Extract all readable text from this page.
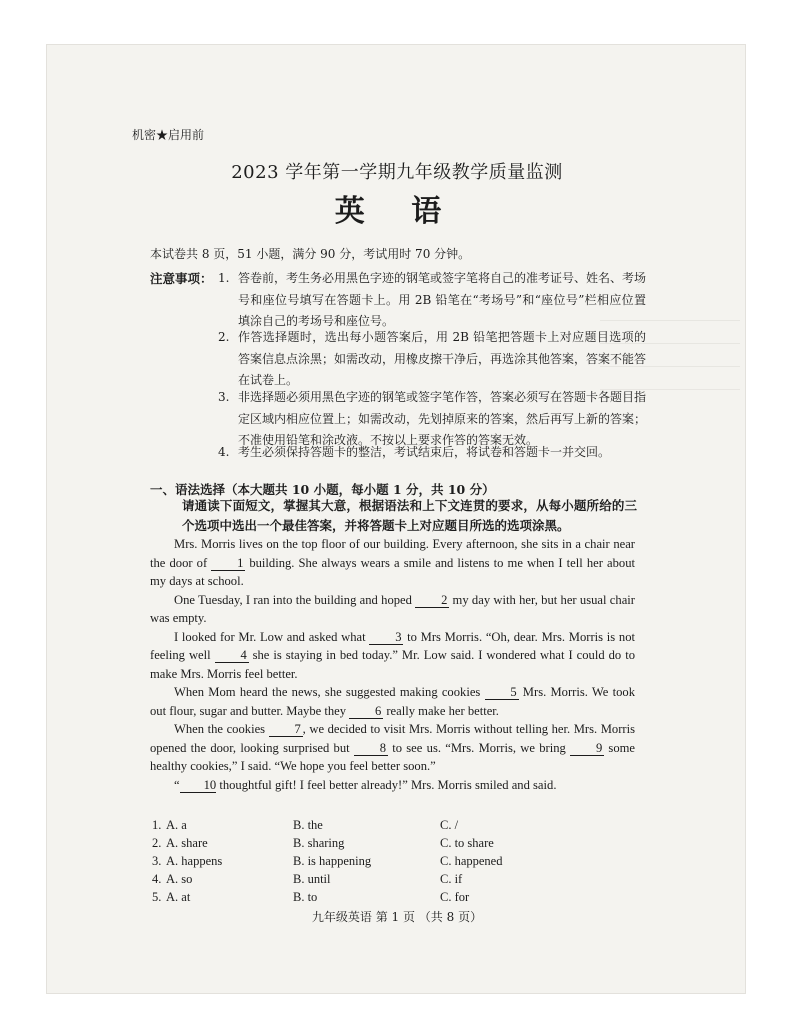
机密★启用前
2023 学年第一学期九年级教学质量监测
英 语
本试卷共 8 页，51 小题，满分 90 分，考试用时 70 分钟。
注意事项： 1. 答卷前，考生务必用黑色字迹的钢笔或签字笔将自己的准考证号、姓名、考场号和座位号填写在答题卡上。用 2B 铅笔在“考场号”和“座位号”栏相应位置填涂自己的考场号和座位号。
2. 作答选择题时，选出每小题答案后，用 2B 铅笔把答题卡上对应题目选项的答案信息点涂黑；如需改动，用橡皮擦干净后，再选涂其他答案，答案不能答在试卷上。
3. 非选择题必须用黑色字迹的钢笔或签字笔作答，答案必须写在答题卡各题目指定区域内相应位置上；如需改动，先划掉原来的答案，然后再写上新的答案；不准使用铅笔和涂改液。不按以上要求作答的答案无效。
4. 考生必须保持答题卡的整洁，考试结束后，将试卷和答题卡一并交回。
一、语法选择（本大题共 10 小题，每小题 1 分，共 10 分）
请通读下面短文，掌握其大意，根据语法和上下文连贯的要求，从每小题所给的三个选项中选出一个最佳答案，并将答题卡上对应题目所选的选项涂黑。

Mrs. Morris lives on the top floor of our building. Every afternoon, she sits in a chair near the door of 1 building. She always wears a smile and listens to me when I tell her about my days at school.

One Tuesday, I ran into the building and hoped 2 my day with her, but her usual chair was empty.

I looked for Mr. Low and asked what 3 to Mrs Morris. “Oh, dear. Mrs. Morris is not feeling well 4 she is staying in bed today.” Mr. Low said. I wondered what I could do to make Mrs. Morris feel better.

When Mom heard the news, she suggested making cookies 5 Mrs. Morris. We took out flour, sugar and butter. Maybe they 6 really make her better.

When the cookies 7 , we decided to visit Mrs. Morris without telling her. Mrs. Morris opened the door, looking surprised but 8 to see us. “Mrs. Morris, we bring 9 some healthy cookies,” I said. “We hope you feel better soon.”

“ 10 thoughtful gift! I feel better already!” Mrs. Morris smiled and said.

1. A. a	B. the	C. /
2. A. share	B. sharing	C. to share
3. A. happens	B. is happening	C. happened
4. A. so	B. until	C. if
5. A. at	B. to	C. for
九年级英语 第 1 页 （共 8 页）
